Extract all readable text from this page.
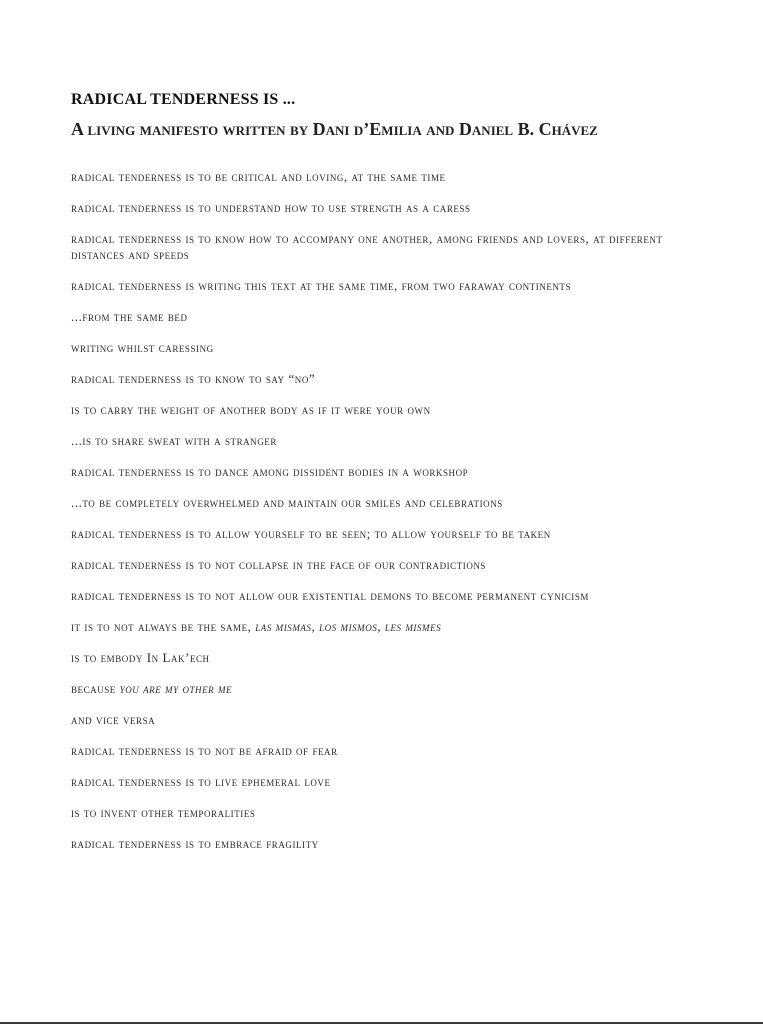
RADICAL TENDERNESS IS ...
A living manifesto written by Dani d’Emilia and Daniel B. Chávez

radical tenderness is to be critical and loving, at the same time

radical tenderness is to understand how to use strength as a caress

radical tenderness is to know how to accompany one another, among friends and lovers, at different distances and speeds

radical tenderness is writing this text at the same time, from two faraway continents

...from the same bed

writing whilst caressing

radical tenderness is to know to say “no”

is to carry the weight of another body as if it were your own

...is to share sweat with a stranger

radical tenderness is to dance among dissident bodies in a workshop

...to be completely overwhelmed and maintain our smiles and celebrations

radical tenderness is to allow yourself to be seen; to allow yourself to be taken

radical tenderness is to not collapse in the face of our contradictions

radical tenderness is to not allow our existential demons to become permanent cynicism

it is to not always be the same, las mismas, los mismos, les mismes

is to embody In Lak’ech

because you are my other me

and vice versa

radical tenderness is to not be afraid of fear

radical tenderness is to live ephemeral love

is to invent other temporalities

radical tenderness is to embrace fragility
